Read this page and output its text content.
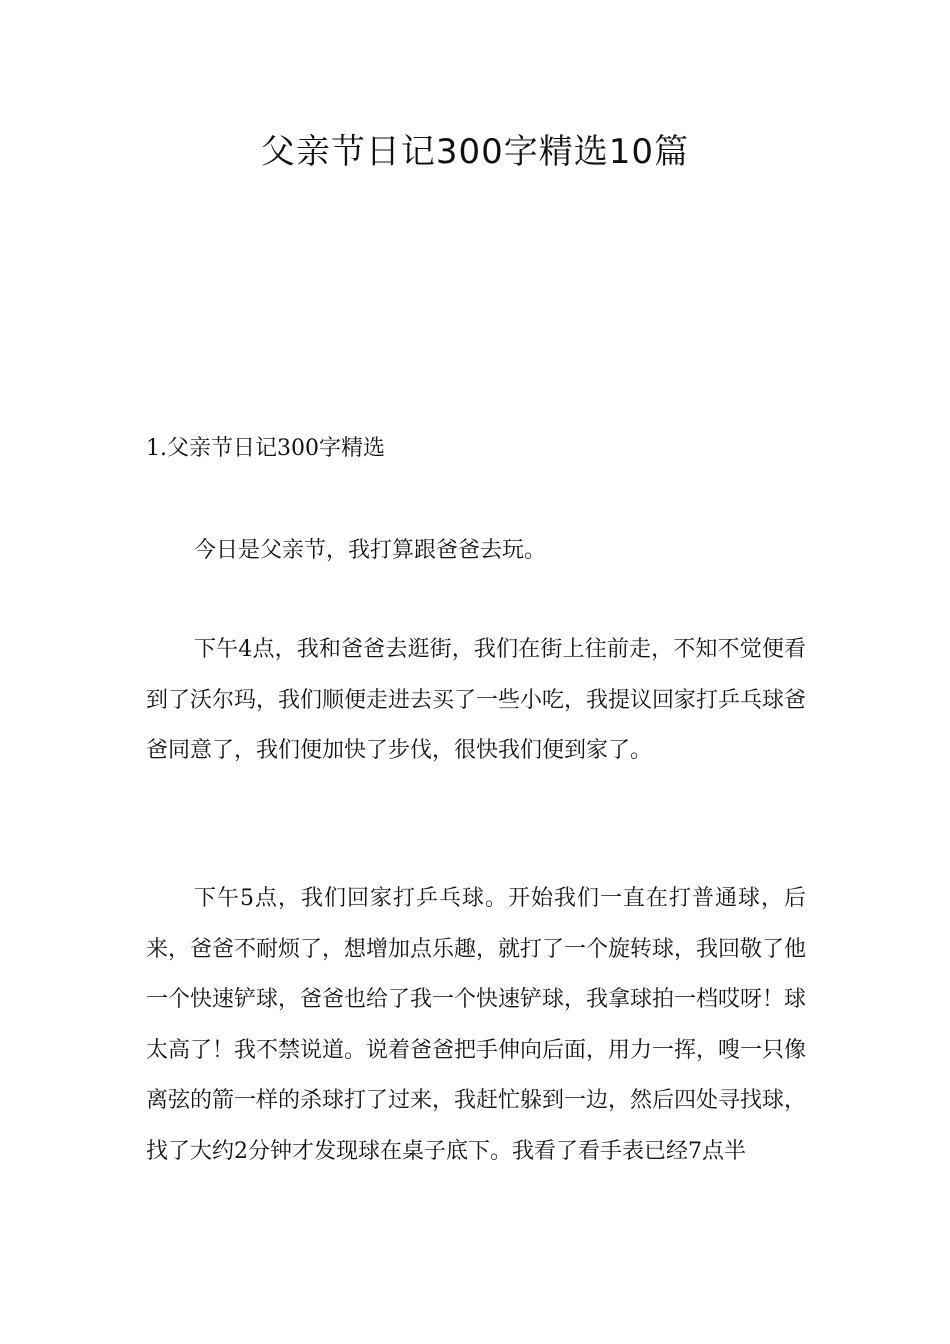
父亲节日记300字精选10篇
1.父亲节日记300字精选

今日是父亲节，我打算跟爸爸去玩。

下午4点，我和爸爸去逛街，我们在街上往前走，不知不觉便看到了沃尔玛，我们顺便走进去买了一些小吃，我提议回家打乒乓球爸爸同意了，我们便加快了步伐，很快我们便到家了。

下午5点，我们回家打乒乓球。开始我们一直在打普通球，后来，爸爸不耐烦了，想增加点乐趣，就打了一个旋转球，我回敬了他一个快速铲球，爸爸也给了我一个快速铲球，我拿球拍一档哎呀！球太高了！我不禁说道。说着爸爸把手伸向后面，用力一挥，嗖一只像离弦的箭一样的杀球打了过来，我赶忙躲到一边，然后四处寻找球，找了大约2分钟才发现球在桌子底下。我看了看手表已经7点半
